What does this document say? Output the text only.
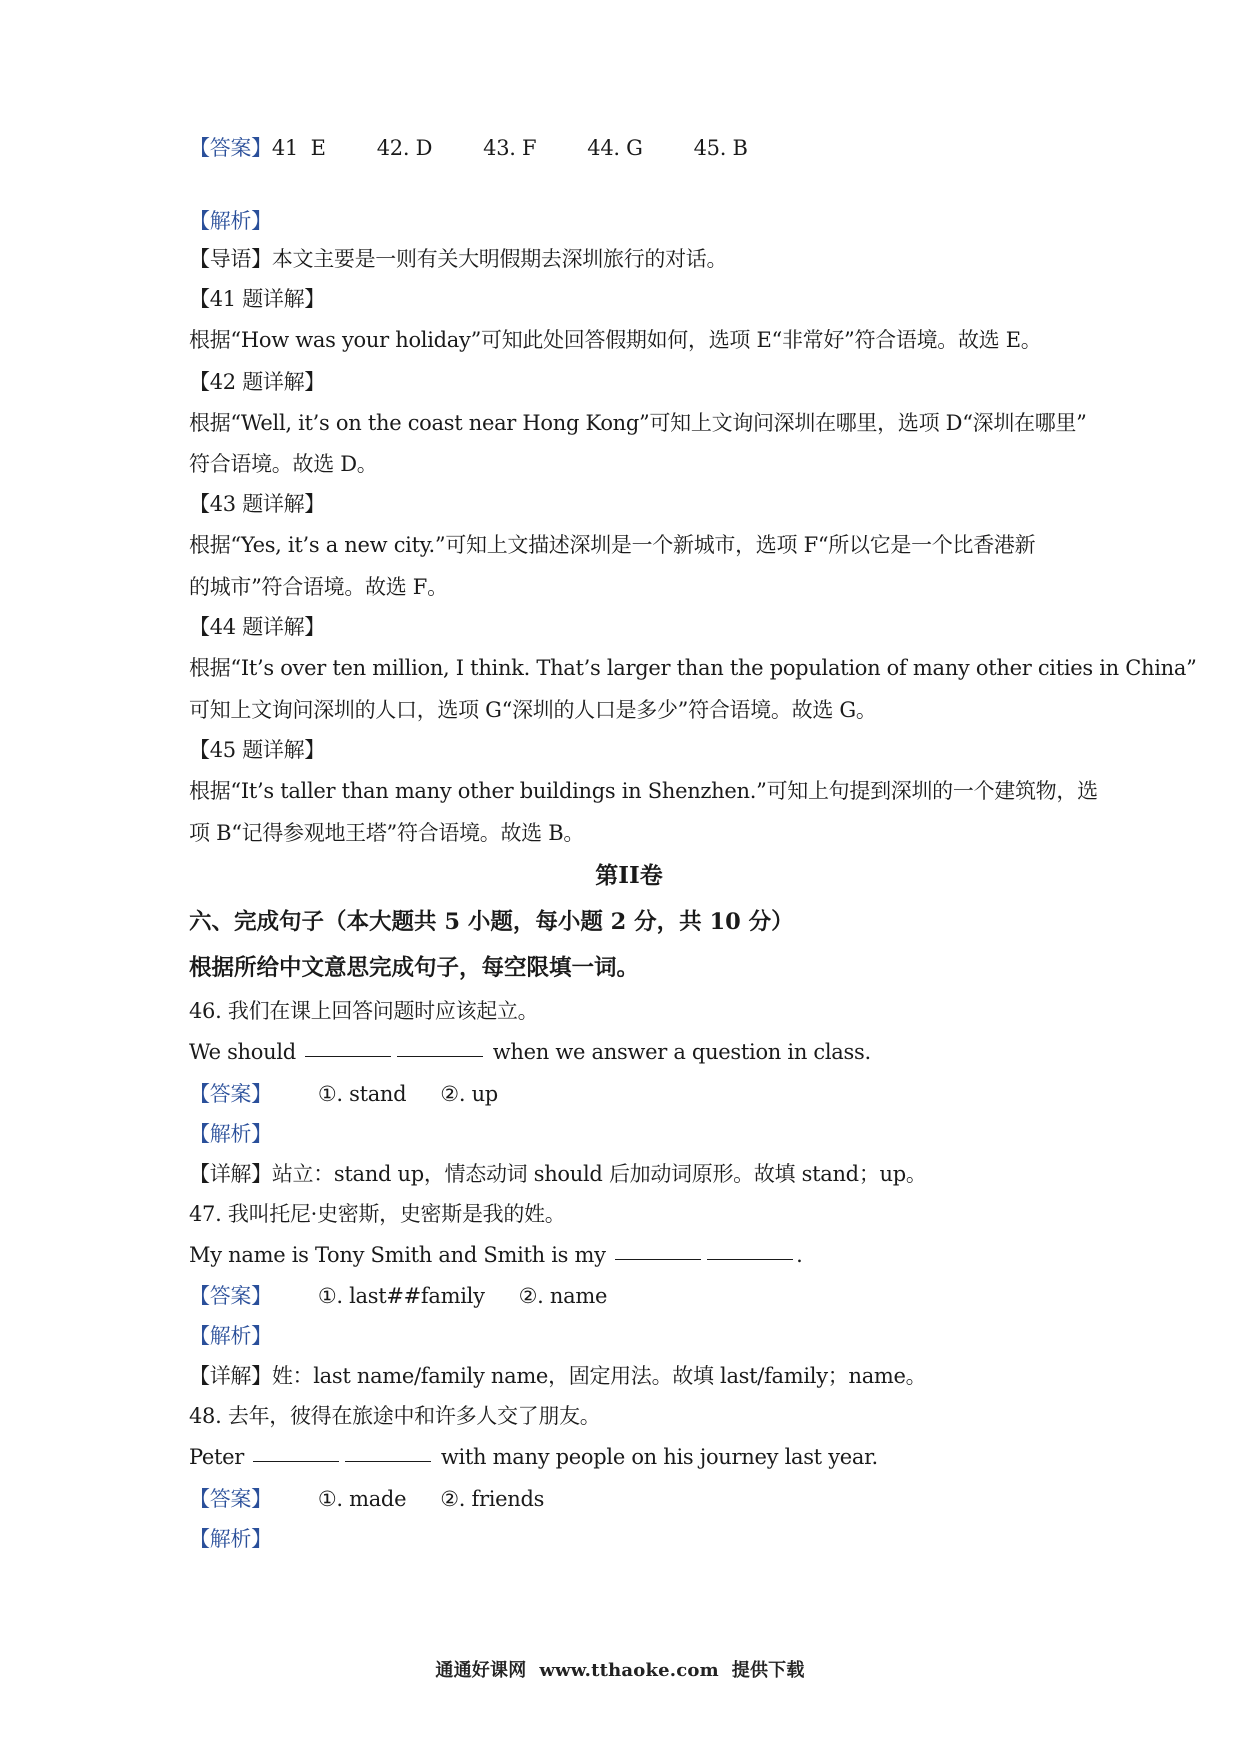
【答案】41  E        42. D        43. F        44. G        45. B
【解析】
【导语】本文主要是一则有关大明假期去深圳旅行的对话。
【41 题详解】
根据“How was your holiday”可知此处回答假期如何，选项 E“非常好”符合语境。故选 E。
【42 题详解】
根据“Well, it’s on the coast near Hong Kong”可知上文询问深圳在哪里，选项 D“深圳在哪里”
符合语境。故选 D。
【43 题详解】
根据“Yes, it’s a new city.”可知上文描述深圳是一个新城市，选项 F“所以它是一个比香港新
的城市”符合语境。故选 F。
【44 题详解】
根据“It’s over ten million, I think. That’s larger than the population of many other cities in China”
可知上文询问深圳的人口，选项 G“深圳的人口是多少”符合语境。故选 G。
【45 题详解】
根据“It’s taller than many other buildings in Shenzhen.”可知上句提到深圳的一个建筑物，选
项 B“记得参观地王塔”符合语境。故选 B。
第II卷
六、完成句子（本大题共 5 小题，每小题 2 分，共 10 分）
根据所给中文意思完成句子，每空限填一词。
46. 我们在课上回答问题时应该起立。
We should	when we answer a question in class.
【答案】 ①. stand ②. up
【解析】
【详解】站立：stand up，情态动词 should 后加动词原形。故填 stand；up。
47. 我叫托尼·史密斯，史密斯是我的姓。
My name is Tony Smith and Smith is my	.
【答案】 ①. last##family ②. name
【解析】
【详解】姓：last name/family name，固定用法。故填 last/family；name。
48. 去年，彼得在旅途中和许多人交了朋友。
Peter	with many people on his journey last year.
【答案】 ①. made ②. friends
【解析】
通通好课网  www.tthaoke.com  提供下载
